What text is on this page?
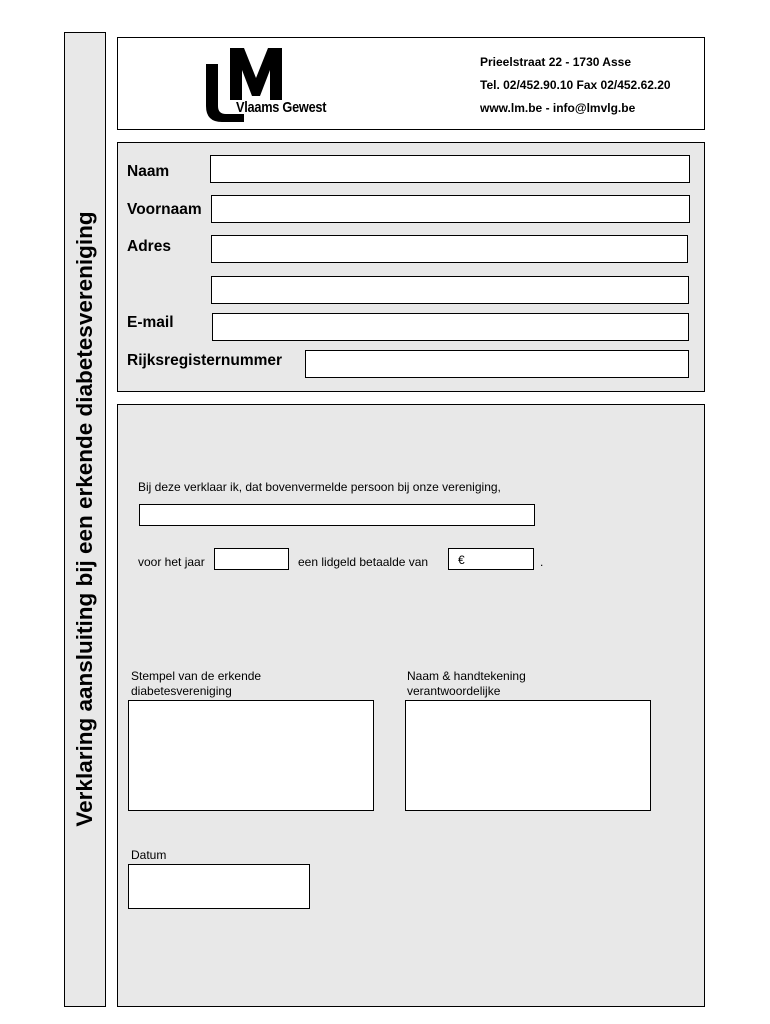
Verklaring aansluiting bij een erkende diabetesvereniging
Vlaams Gewest
Prieelstraat 22 - 1730 Asse
Tel. 02/452.90.10 Fax 02/452.62.20
www.lm.be - info@lmvlg.be
Naam
Voornaam
Adres
E-mail
Rijksregisternummer
Bij deze verklaar ik, dat bovenvermelde persoon bij onze vereniging,
voor het jaar	een lidgeld betaalde van €	.
Stempel van de erkende
diabetesvereniging
Naam & handtekening
verantwoordelijke
Datum
